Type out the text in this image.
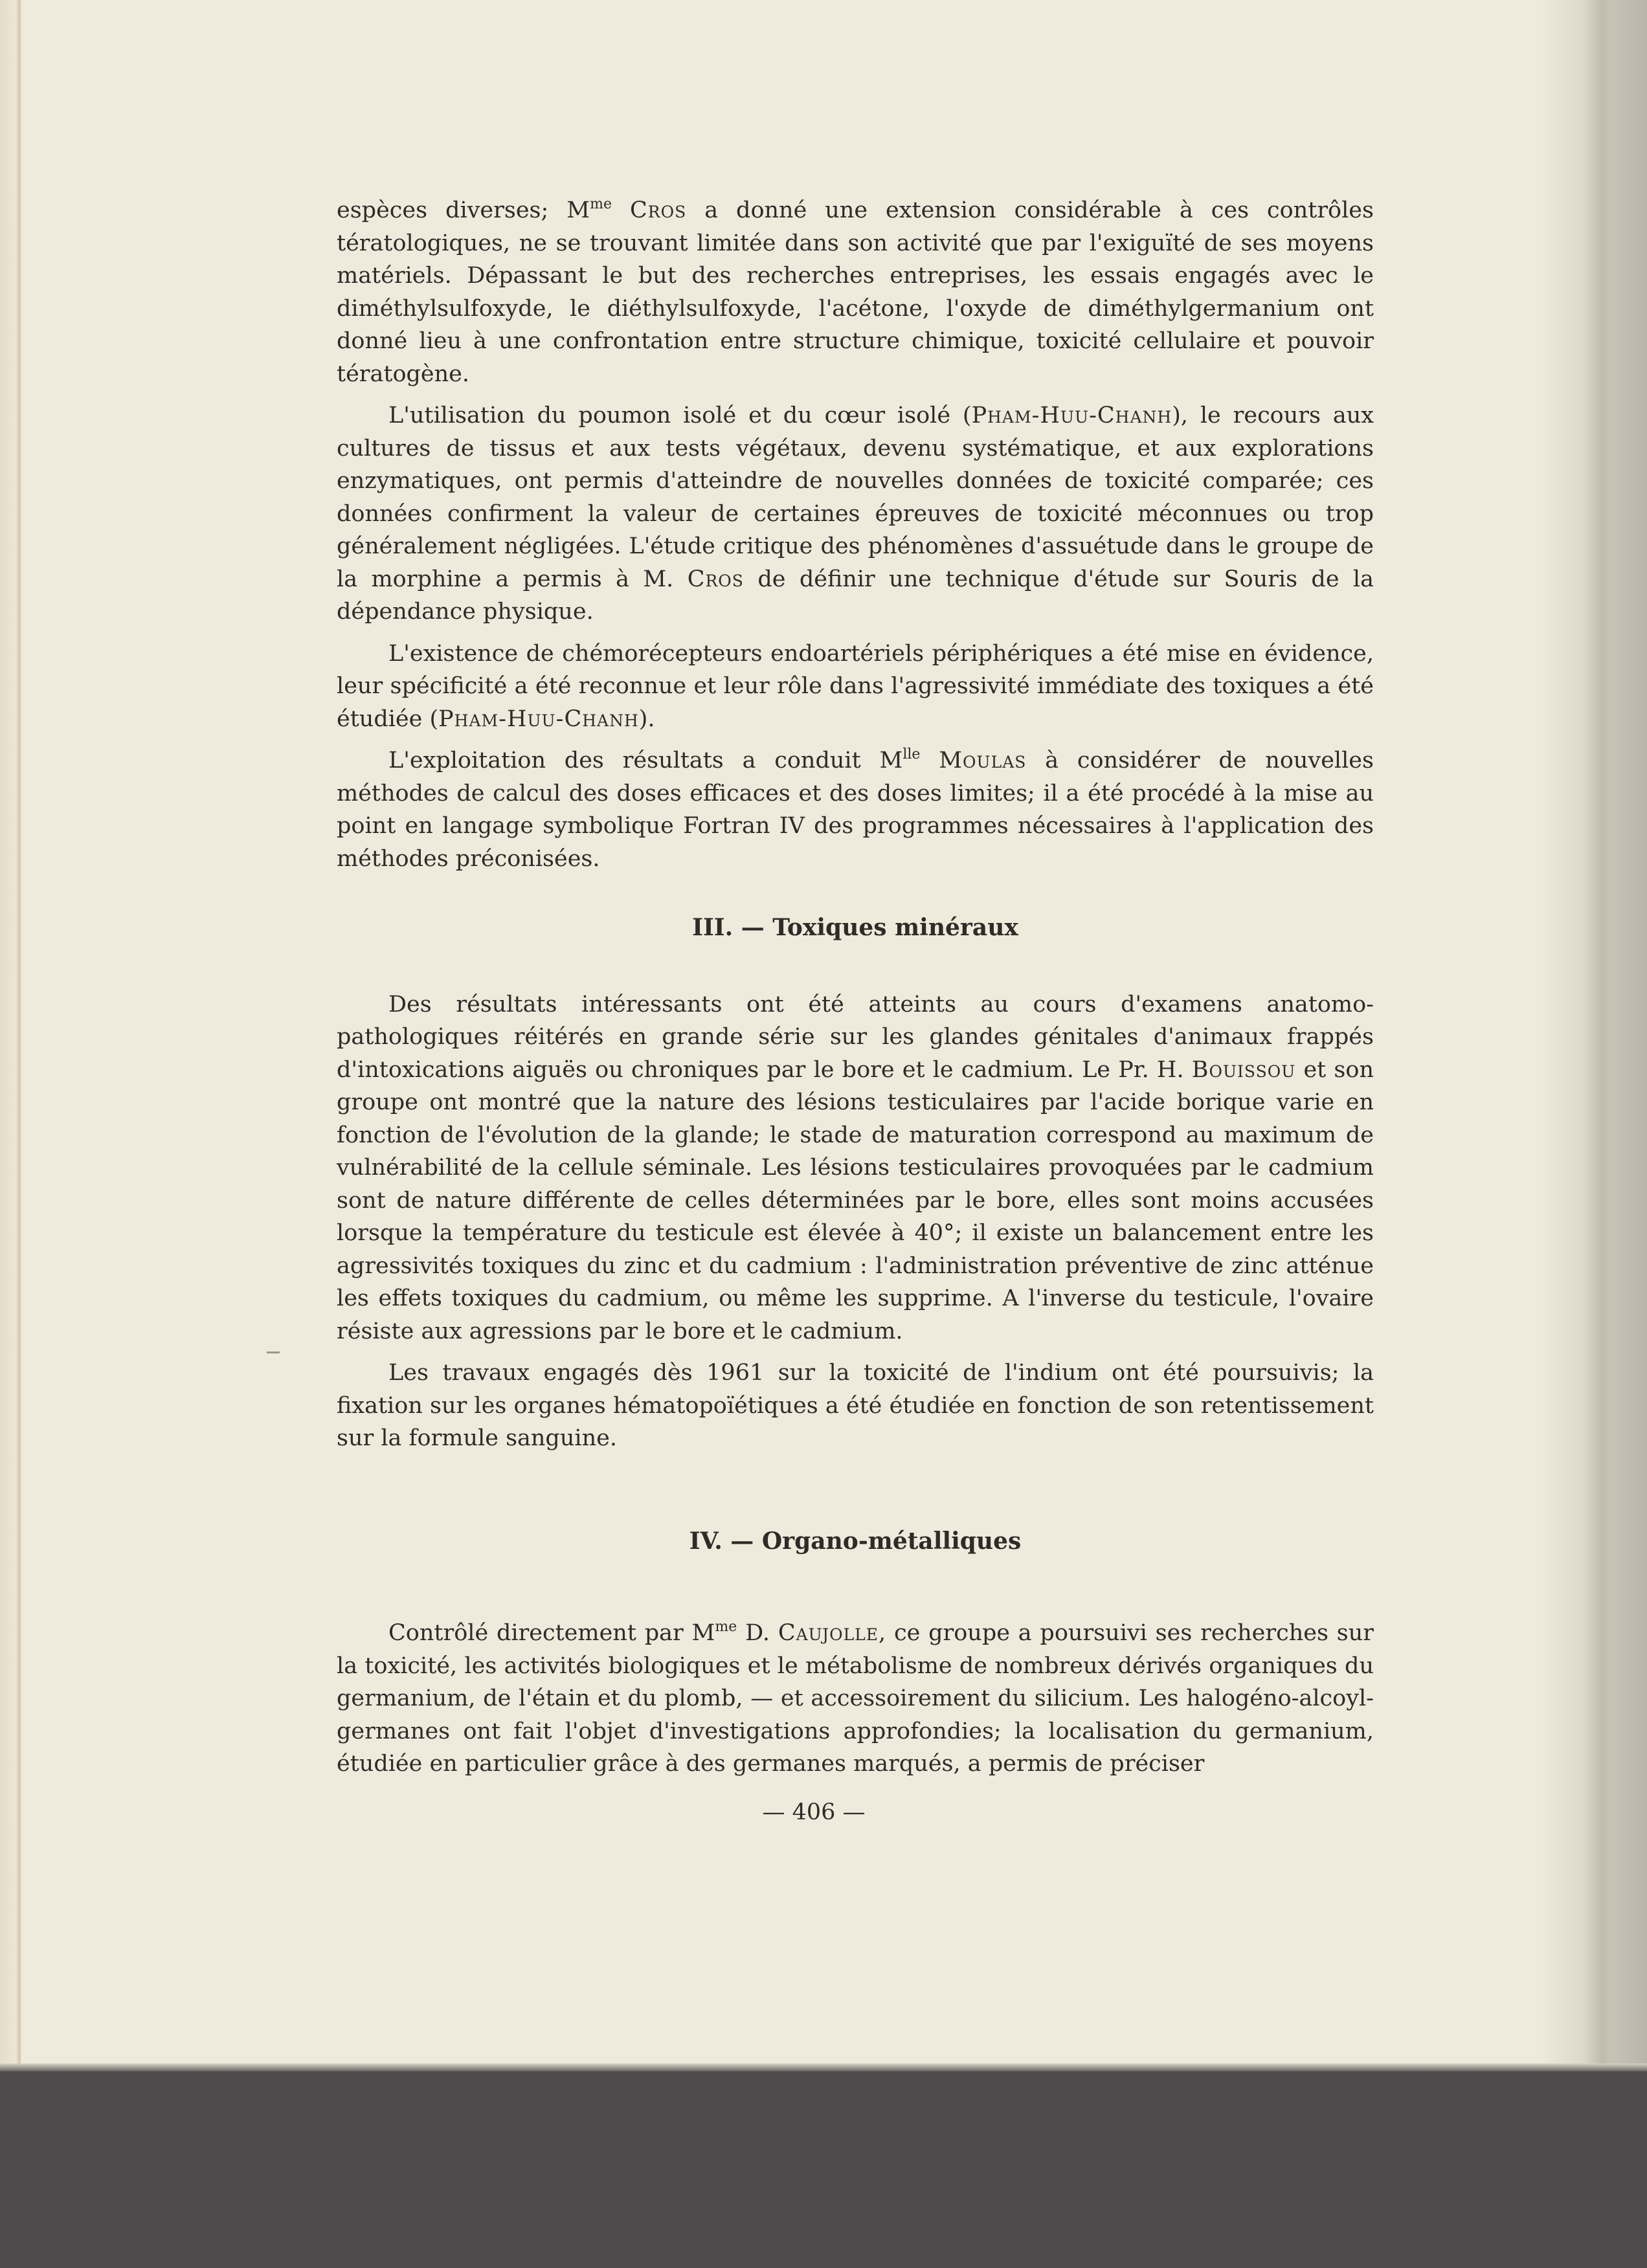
espèces diverses; $M^{me}$ Cros a donné une extension considérable à ces contrôles tératologiques, ne se trouvant limitée dans son activité que par l'exiguïté de ses moyens matériels. Dépassant le but des recherches entreprises, les essais engagés avec le diméthylsulfoxyde, le diéthylsulfoxyde, l'acétone, l'oxyde de diméthylgermanium ont donné lieu à une confrontation entre structure chimique, toxicité cellulaire et pouvoir tératogène.

L'utilisation du poumon isolé et du cœur isolé (Pham-Huu-Chanh), le recours aux cultures de tissus et aux tests végétaux, devenu systématique, et aux explorations enzymatiques, ont permis d'atteindre de nouvelles données de toxicité comparée; ces données confirment la valeur de certaines épreuves de toxicité méconnues ou trop généralement négligées. L'étude critique des phénomènes d'assuétude dans le groupe de la morphine a permis à M. Cros de définir une technique d'étude sur Souris de la dépendance physique.

L'existence de chémorécepteurs endoartériels périphériques a été mise en évidence, leur spécificité a été reconnue et leur rôle dans l'agressivité immédiate des toxiques a été étudiée (Pham-Huu-Chanh).

L'exploitation des résultats a conduit $M^{lle}$ Moulas à considérer de nouvelles méthodes de calcul des doses efficaces et des doses limites; il a été procédé à la mise au point en langage symbolique Fortran IV des programmes nécessaires à l'application des méthodes préconisées.

III. — Toxiques minéraux

Des résultats intéressants ont été atteints au cours d'examens anatomo-pathologiques réitérés en grande série sur les glandes génitales d'animaux frappés d'intoxications aiguës ou chroniques par le bore et le cadmium. Le Pr. H. Bouissou et son groupe ont montré que la nature des lésions testiculaires par l'acide borique varie en fonction de l'évolution de la glande; le stade de maturation correspond au maximum de vulnérabilité de la cellule séminale. Les lésions testiculaires provoquées par le cadmium sont de nature différente de celles déterminées par le bore, elles sont moins accusées lorsque la température du testicule est élevée à 40°; il existe un balancement entre les agressivités toxiques du zinc et du cadmium : l'administration préventive de zinc atténue les effets toxiques du cadmium, ou même les supprime. A l'inverse du testicule, l'ovaire résiste aux agressions par le bore et le cadmium.

Les travaux engagés dès 1961 sur la toxicité de l'indium ont été poursuivis; la fixation sur les organes hématopoïétiques a été étudiée en fonction de son retentissement sur la formule sanguine.

IV. — Organo-métalliques

Contrôlé directement par $M^{me}$ D. Caujolle, ce groupe a poursuivi ses recherches sur la toxicité, les activités biologiques et le métabolisme de nombreux dérivés organiques du germanium, de l'étain et du plomb, — et accessoirement du silicium. Les halogéno-alcoyl-germanes ont fait l'objet d'investigations approfondies; la localisation du germanium, étudiée en particulier grâce à des germanes marqués, a permis de préciser

— 406 —
